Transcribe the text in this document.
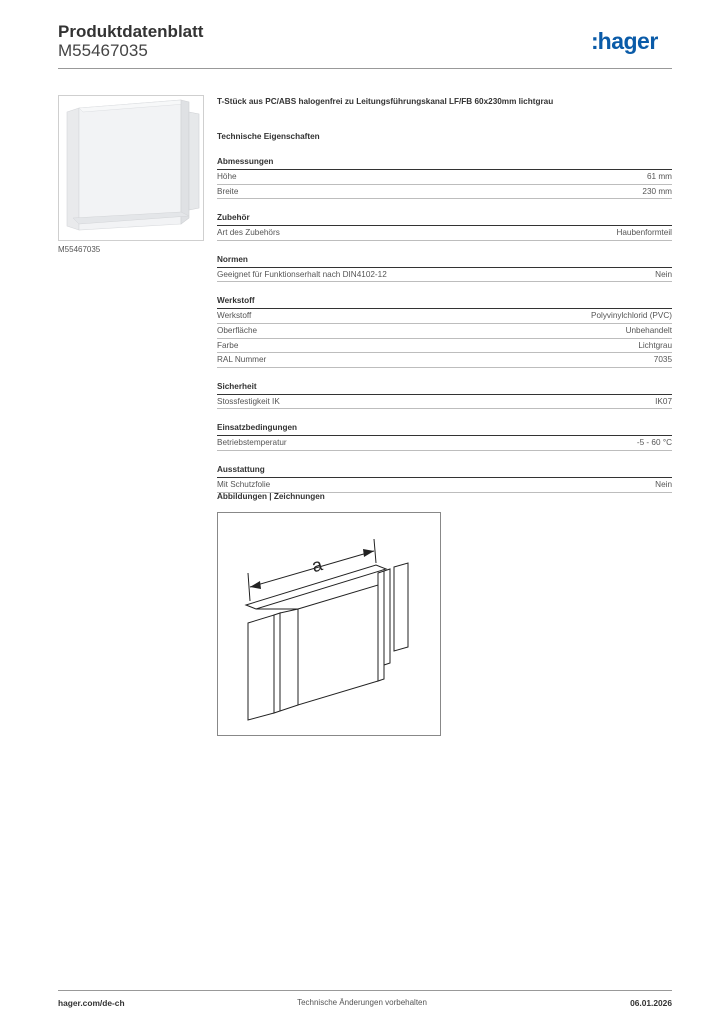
Produktdatenblatt
M55467035	:hager
M55467035
T-Stück aus PC/ABS halogenfrei zu Leitungsführungskanal LF/FB 60x230mm lichtgrau
Technische Eigenschaften
Abmessungen
Höhe	61 mm
Breite	230 mm
Zubehör
Art des Zubehörs	Haubenformteil
Normen
Geeignet für Funktionserhalt nach DIN4102-12	Nein
Werkstoff
Werkstoff	Polyvinylchlorid (PVC)
Oberfläche	Unbehandelt
Farbe	Lichtgrau
RAL Nummer	7035
Sicherheit
Stossfestigkeit IK	IK07
Einsatzbedingungen
Betriebstemperatur	-5 - 60 °C
Ausstattung
Mit Schutzfolie	Nein
Abbildungen | Zeichnungen
a
hager.com/de-ch	Technische Änderungen vorbehalten	06.01.2026
